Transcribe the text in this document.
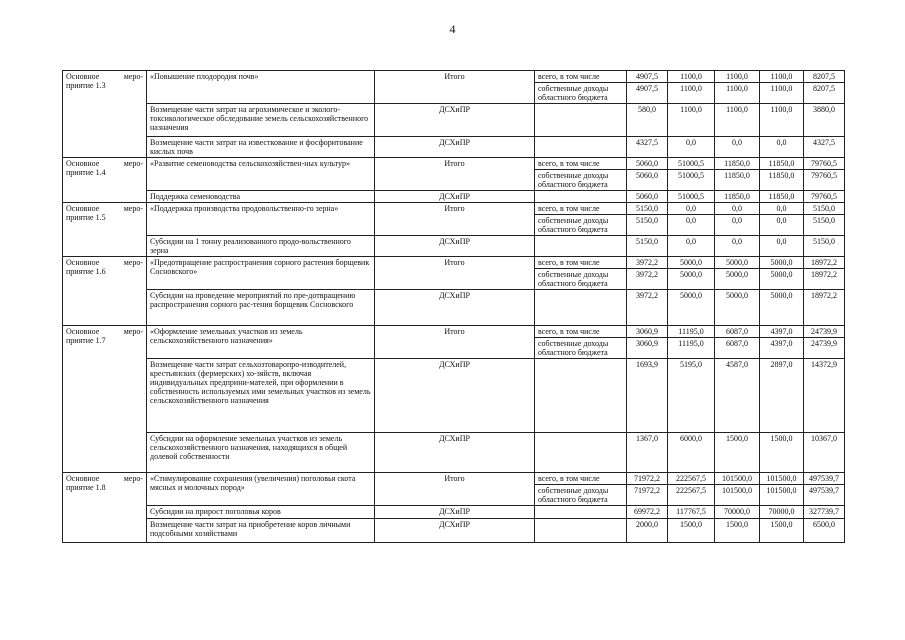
4
Основное меро-приятие 1.3	«Повышение плодородия почв»	Итого	всего, в том числе	4907,5	1100,0	1100,0	1100,0	8207,5
			собственные доходы областного бюджета	4907,5	1100,0	1100,0	1100,0	8207,5
	Возмещение части затрат на агрохимическое и эколого-токсикологическое обследование земель сельскохозяйственного назначения	ДСХиПР		580,0	1100,0	1100,0	1100,0	3880,0
	Возмещение части затрат на известкование и фосфоритование кислых почв	ДСХиПР		4327,5	0,0	0,0	0,0	4327,5
Основное меро-приятие 1.4	«Развитие семеноводства сельскохозяйствен-ных культур»	Итого	всего, в том числе	5060,0	51000,5	11850,0	11850,0	79760,5
			собственные доходы областного бюджета	5060,0	51000,5	11850,0	11850,0	79760,5
	Поддержка семеноводства	ДСХиПР		5060,0	51000,5	11850,0	11850,0	79760,5
Основное меро-приятие 1.5	«Поддержка производства продовольственно-го зерна»	Итого	всего, в том числе	5150,0	0,0	0,0	0,0	5150,0
			собственные доходы областного бюджета	5150,0	0,0	0,0	0,0	5150,0
	Субсидии на 1 тонну реализованного продо-вольственного зерна	ДСХиПР		5150,0	0,0	0,0	0,0	5150,0
Основное меро-приятие 1.6	«Предотвращение распространения сорного растения борщевик Сосновского»	Итого	всего, в том числе	3972,2	5000,0	5000,0	5000,0	18972,2
			собственные доходы областного бюджета	3972,2	5000,0	5000,0	5000,0	18972,2
	Субсидии на проведение мероприятий по пре-дотвращению распространения сорного рас-тения борщевик Сосновского	ДСХиПР		3972,2	5000,0	5000,0	5000,0	18972,2
Основное меро-приятие 1.7	«Оформление земельных участков из земель сельскохозяйственного назначения»	Итого	всего, в том числе	3060,9	11195,0	6087,0	4397,0	24739,9
			собственные доходы областного бюджета	3060,9	11195,0	6087,0	4397,0	24739,9
	Возмещение части затрат сельхозтоваропро-изводителей, крестьянских (фермерских) хо-зяйств, включая индивидуальных предприни-мателей, при оформлении в собственность используемых ими земельных участков из земель сельскохозяйственного назначения	ДСХиПР		1693,9	5195,0	4587,0	2897,0	14372,9
	Субсидии на оформление земельных участков из земель сельскохозяйственного назначения, находящихся в общей долевой собственности	ДСХиПР		1367,0	6000,0	1500,0	1500,0	10367,0
Основное меро-приятие 1.8	«Стимулирование сохранения (увеличения) поголовья скота мясных и молочных пород»	Итого	всего, в том числе	71972,2	222567,5	101500,0	101500,0	497539,7
			собственные доходы областного бюджета	71972,2	222567,5	101500,0	101500,0	497539,7
	Субсидии на прирост поголовья коров	ДСХиПР		69972,2	117767,5	70000,0	70000,0	327739,7
	Возмещение части затрат на приобретение коров личными подсобными хозяйствами	ДСХиПР		2000,0	1500,0	1500,0	1500,0	6500,0
